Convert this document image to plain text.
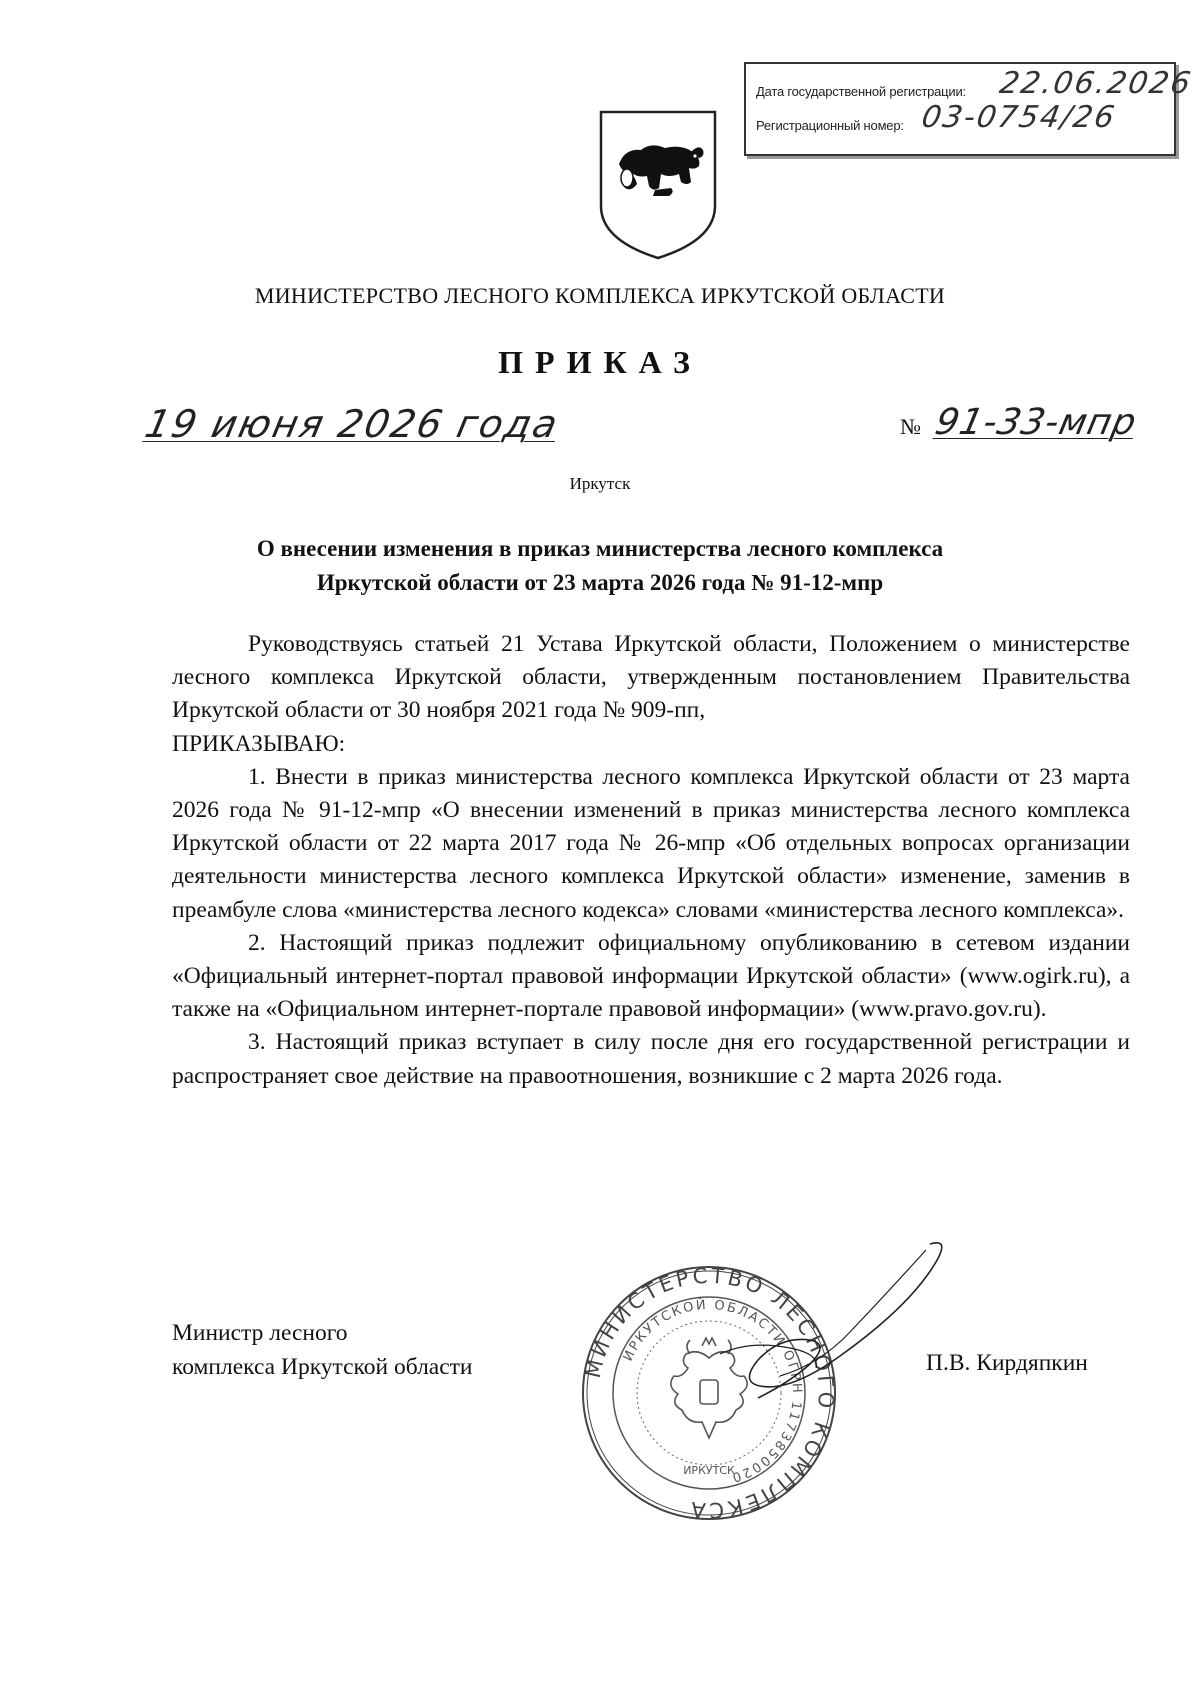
Дата государственной регистрации: 22.06.2026
Регистрационный номер: 03-0754/26
МИНИСТЕРСТВО ЛЕСНОГО КОМПЛЕКСА ИРКУТСКОЙ ОБЛАСТИ
ПРИКАЗ
19 июня 2026 года	№ 91-33-мпр
Иркутск
О внесении изменения в приказ министерства лесного комплекса
Иркутской области от 23 марта 2026 года № 91-12-мпр

Руководствуясь статьей 21 Устава Иркутской области, Положением о министерстве лесного комплекса Иркутской области, утвержденным постановлением Правительства Иркутской области от 30 ноября 2021 года № 909-пп,

ПРИКАЗЫВАЮ:

1. Внести в приказ министерства лесного комплекса Иркутской области от 23 марта 2026 года № 91-12-мпр «О внесении изменений в приказ министерства лесного комплекса Иркутской области от 22 марта 2017 года № 26-мпр «Об отдельных вопросах организации деятельности министерства лесного комплекса Иркутской области» изменение, заменив в преамбуле слова «министерства лесного кодекса» словами «министерства лесного комплекса».

2. Настоящий приказ подлежит официальному опубликованию в сетевом издании «Официальный интернет-портал правовой информации Иркутской области» (www.ogirk.ru), а также на «Официальном интернет-портале правовой информации» (www.pravo.gov.ru).

3. Настоящий приказ вступает в силу после дня его государственной регистрации и распространяет свое действие на правоотношения, возникшие с 2 марта 2026 года.

Министр лесного
комплекса Иркутской области	П.В. Кирдяпкин
МИНИСТЕРСТВО ЛЕСНОГО КОМПЛЕКСА
ИРКУТСКОЙ ОБЛАСТИ ОГРН 1173850020
ИРКУТСК
